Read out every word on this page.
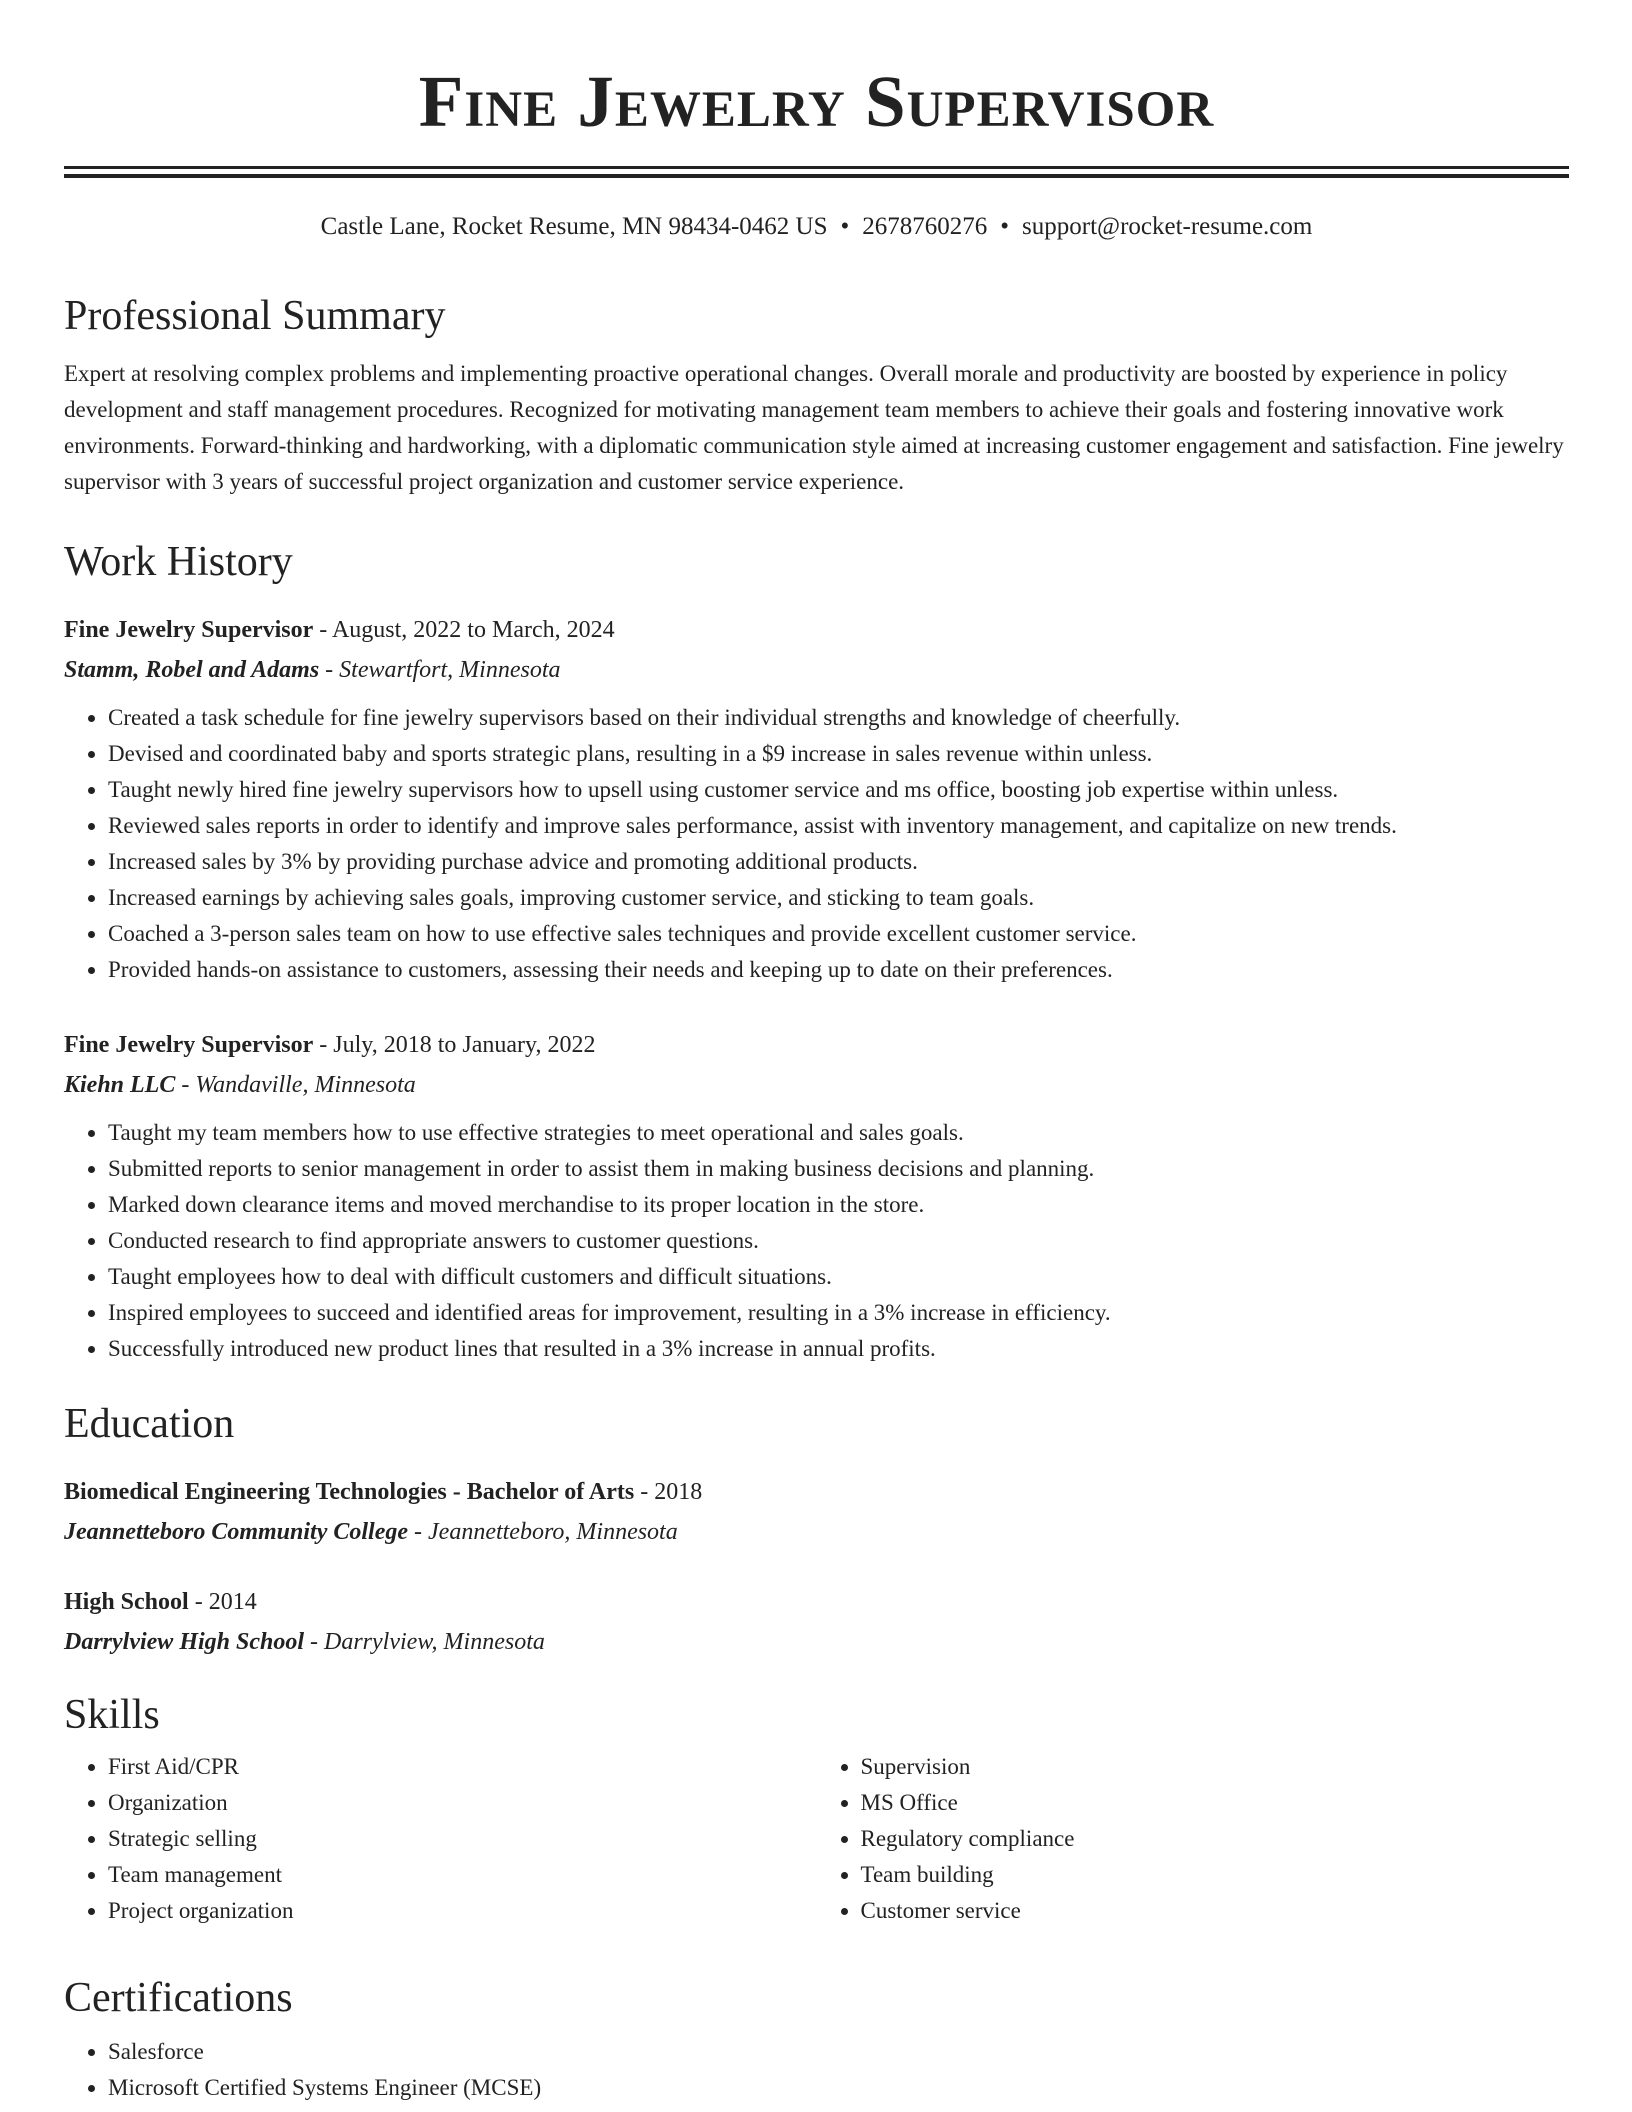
Fine Jewelry Supervisor
Castle Lane, Rocket Resume, MN 98434-0462 US • 2678760276 • support@rocket-resume.com
Professional Summary

Expert at resolving complex problems and implementing proactive operational changes. Overall morale and productivity are boosted by experience in policy development and staff management procedures. Recognized for motivating management team members to achieve their goals and fostering innovative work environments. Forward-thinking and hardworking, with a diplomatic communication style aimed at increasing customer engagement and satisfaction. Fine jewelry supervisor with 3 years of successful project organization and customer service experience.

Work History
Fine Jewelry Supervisor - August, 2022 to March, 2024
Stamm, Robel and Adams - Stewartfort, Minnesota
• Created a task schedule for fine jewelry supervisors based on their individual strengths and knowledge of cheerfully.
• Devised and coordinated baby and sports strategic plans, resulting in a $9 increase in sales revenue within unless.
• Taught newly hired fine jewelry supervisors how to upsell using customer service and ms office, boosting job expertise within unless.
• Reviewed sales reports in order to identify and improve sales performance, assist with inventory management, and capitalize on new trends.
• Increased sales by 3% by providing purchase advice and promoting additional products.
• Increased earnings by achieving sales goals, improving customer service, and sticking to team goals.
• Coached a 3-person sales team on how to use effective sales techniques and provide excellent customer service.
• Provided hands-on assistance to customers, assessing their needs and keeping up to date on their preferences.
Fine Jewelry Supervisor - July, 2018 to January, 2022
Kiehn LLC - Wandaville, Minnesota
• Taught my team members how to use effective strategies to meet operational and sales goals.
• Submitted reports to senior management in order to assist them in making business decisions and planning.
• Marked down clearance items and moved merchandise to its proper location in the store.
• Conducted research to find appropriate answers to customer questions.
• Taught employees how to deal with difficult customers and difficult situations.
• Inspired employees to succeed and identified areas for improvement, resulting in a 3% increase in efficiency.
• Successfully introduced new product lines that resulted in a 3% increase in annual profits.
Education
Biomedical Engineering Technologies - Bachelor of Arts - 2018
Jeannetteboro Community College - Jeannetteboro, Minnesota
High School - 2014
Darrylview High School - Darrylview, Minnesota
Skills
• First Aid/CPR
• Organization
• Strategic selling
• Team management
• Project organization
• Supervision
• MS Office
• Regulatory compliance
• Team building
• Customer service
Certifications
• Salesforce
• Microsoft Certified Systems Engineer (MCSE)
